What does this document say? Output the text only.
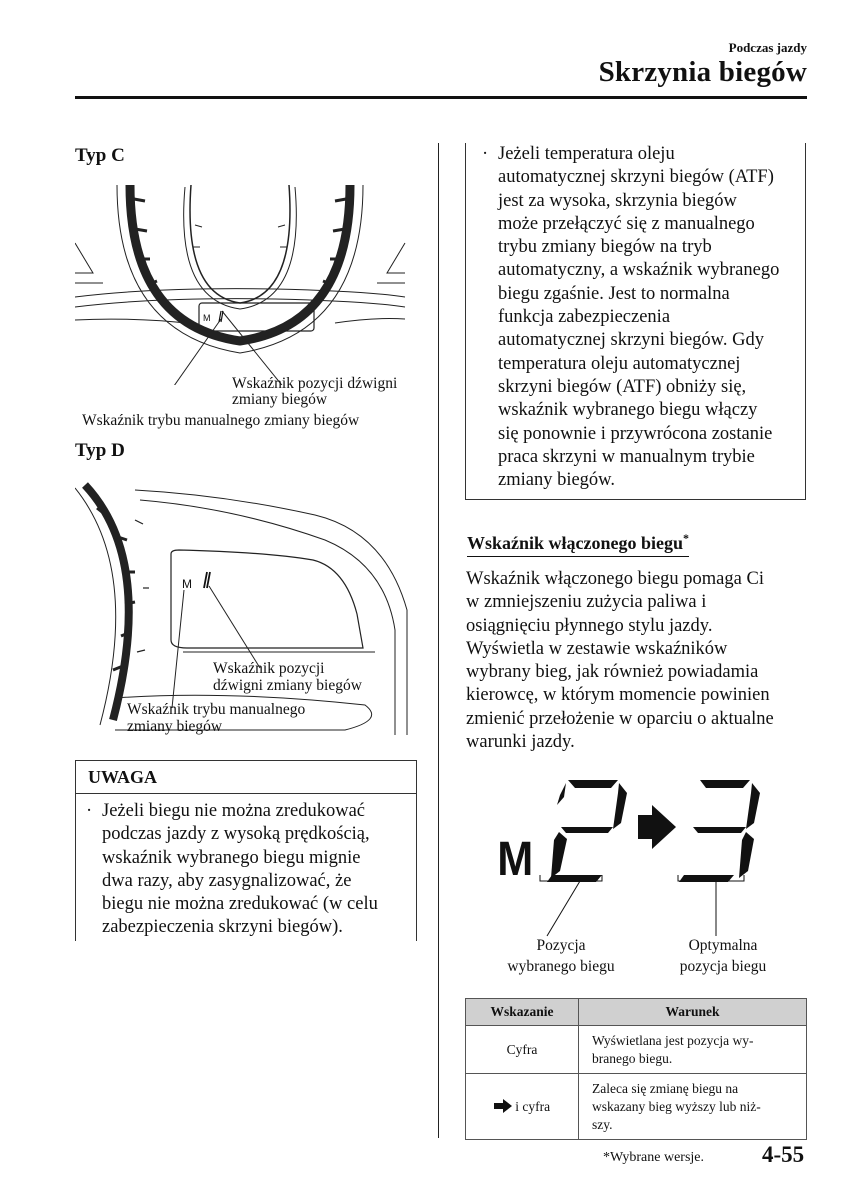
Podczas jazdy
Skrzynia biegów
Typ C
M
Wskaźnik pozycji dźwigni
zmiany biegów
Wskaźnik trybu manualnego zmiany biegów
Typ D
M
Wskaźnik pozycji
dźwigni zmiany biegów
Wskaźnik trybu manualnego
zmiany biegów
UWAGA
· Jeżeli biegu nie można zredukować
podczas jazdy z wysoką prędkością,
wskaźnik wybranego biegu mignie
dwa razy, aby zasygnalizować, że
biegu nie można zredukować (w celu
zabezpieczenia skrzyni biegów).
· Jeżeli temperatura oleju
automatycznej skrzyni biegów (ATF)
jest za wysoka, skrzynia biegów
może przełączyć się z manualnego
trybu zmiany biegów na tryb
automatyczny, a wskaźnik wybranego
biegu zgaśnie. Jest to normalna
funkcja zabezpieczenia
automatycznej skrzyni biegów. Gdy
temperatura oleju automatycznej
skrzyni biegów (ATF) obniży się,
wskaźnik wybranego biegu włączy
się ponownie i przywrócona zostanie
praca skrzyni w manualnym trybie
zmiany biegów.
Wskaźnik włączonego biegu*
Wskaźnik włączonego biegu pomaga Ci
w zmniejszeniu zużycia paliwa i
osiągnięciu płynnego stylu jazdy.
Wyświetla w zestawie wskaźników
wybrany bieg, jak również powiadamia
kierowcę, w którym momencie powinien
zmienić przełożenie w oparciu o aktualne
warunki jazdy.
M
Pozycja
wybranego biegu
Optymalna
pozycja biegu
Wskazanie	Warunek
Cyfra	Wyświetlana jest pozycja wy-
branego biegu.

i cyfra	Zaleca się zmianę biegu na
wskazany bieg wyższy lub niż-
szy.
*Wybrane wersje.	4-55
